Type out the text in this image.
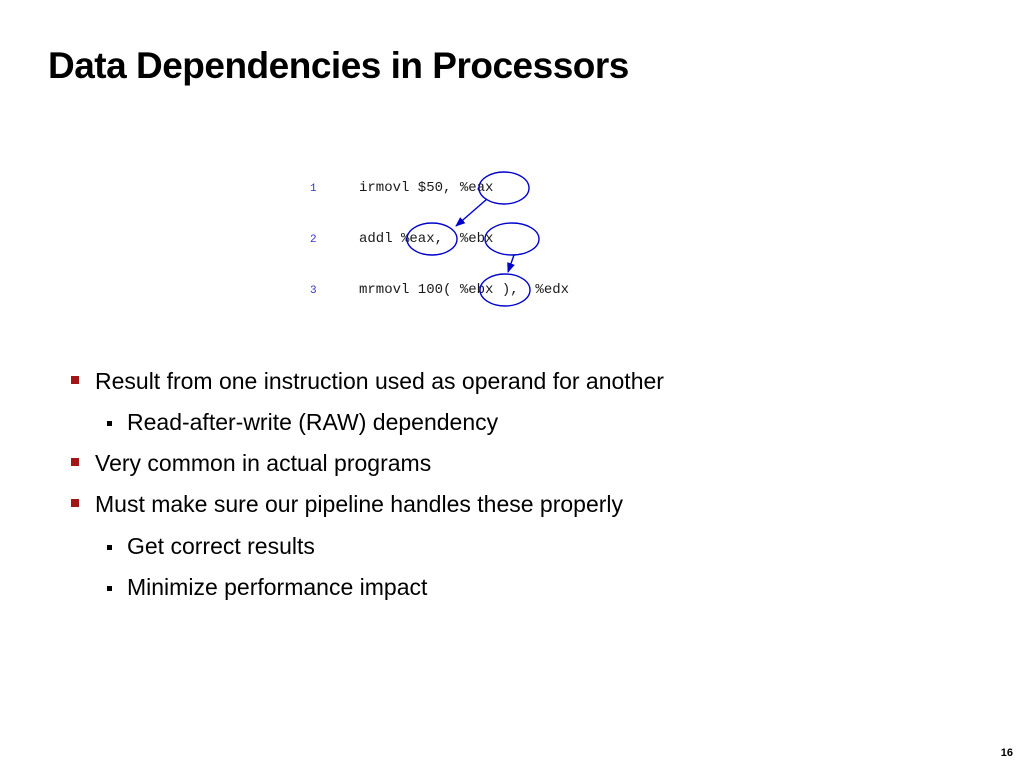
Data Dependencies in Processors

1

	irmovl $50, %eax

2

	addl %eax,  %ebx

3

	mrmovl 100( %ebx ),  %edx

Result from one instruction used as operand for another
Read-after-write (RAW) dependency
Very common in actual programs
Must make sure our pipeline handles these properly
Get correct results
Minimize performance impact
16
